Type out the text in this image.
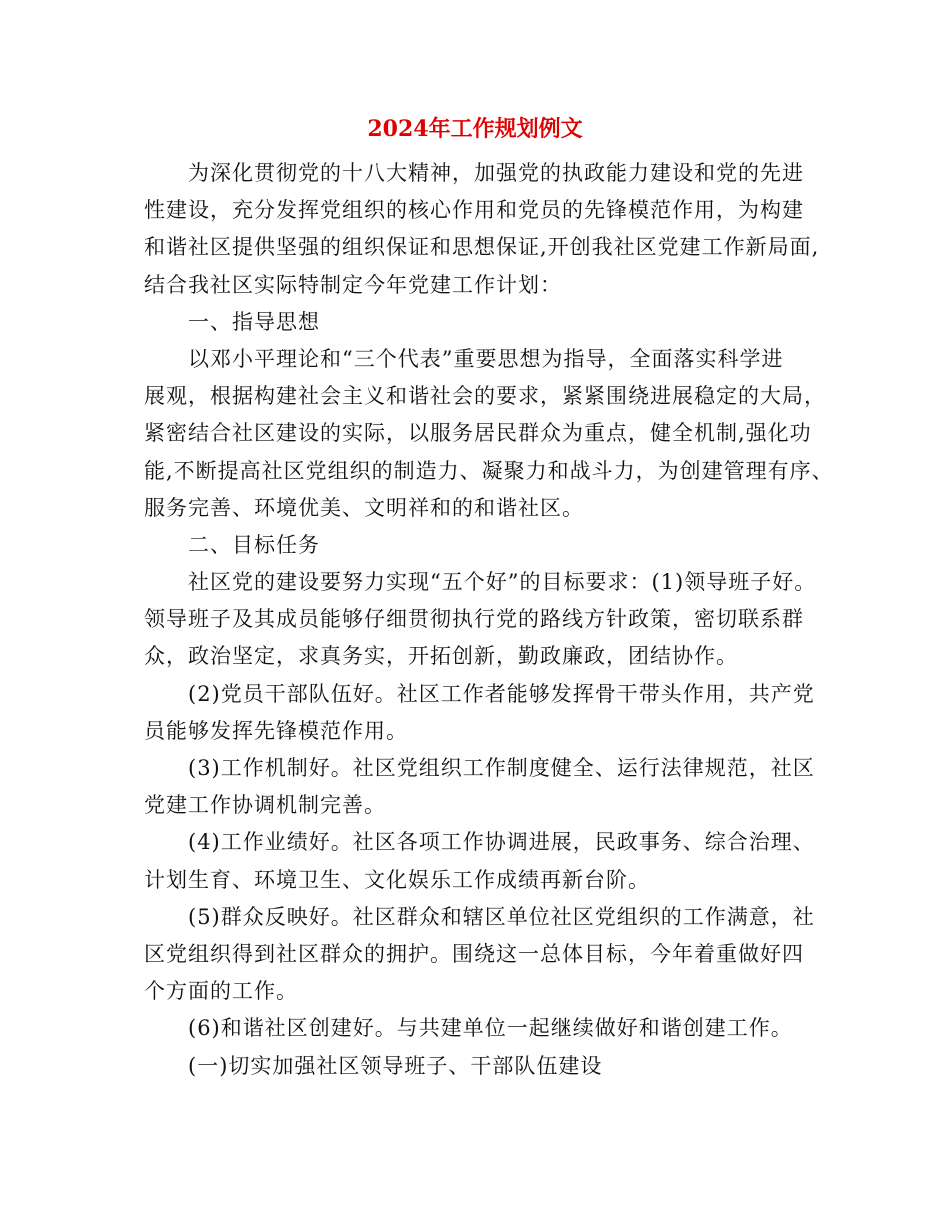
2024年工作规划例文
为深化贯彻党的十八大精神，加强党的执政能力建设和党的先进
性建设，充分发挥党组织的核心作用和党员的先锋模范作用，为构建
和谐社区提供坚强的组织保证和思想保证,开创我社区党建工作新局面,
结合我社区实际特制定今年党建工作计划：
一、指导思想
以邓小平理论和“三个代表”重要思想为指导，全面落实科学进
展观，根据构建社会主义和谐社会的要求，紧紧围绕进展稳定的大局，
紧密结合社区建设的实际，以服务居民群众为重点，健全机制,强化功
能,不断提高社区党组织的制造力、凝聚力和战斗力，为创建管理有序、
服务完善、环境优美、文明祥和的和谐社区。
二、目标任务
社区党的建设要努力实现“五个好”的目标要求：(1)领导班子好。
领导班子及其成员能够仔细贯彻执行党的路线方针政策，密切联系群
众，政治坚定，求真务实，开拓创新，勤政廉政，团结协作。
(2)党员干部队伍好。社区工作者能够发挥骨干带头作用，共产党
员能够发挥先锋模范作用。
(3)工作机制好。社区党组织工作制度健全、运行法律规范，社区
党建工作协调机制完善。
(4)工作业绩好。社区各项工作协调进展，民政事务、综合治理、
计划生育、环境卫生、文化娱乐工作成绩再新台阶。
(5)群众反映好。社区群众和辖区单位社区党组织的工作满意，社
区党组织得到社区群众的拥护。围绕这一总体目标，今年着重做好四
个方面的工作。
(6)和谐社区创建好。与共建单位一起继续做好和谐创建工作。
(一)切实加强社区领导班子、干部队伍建设
